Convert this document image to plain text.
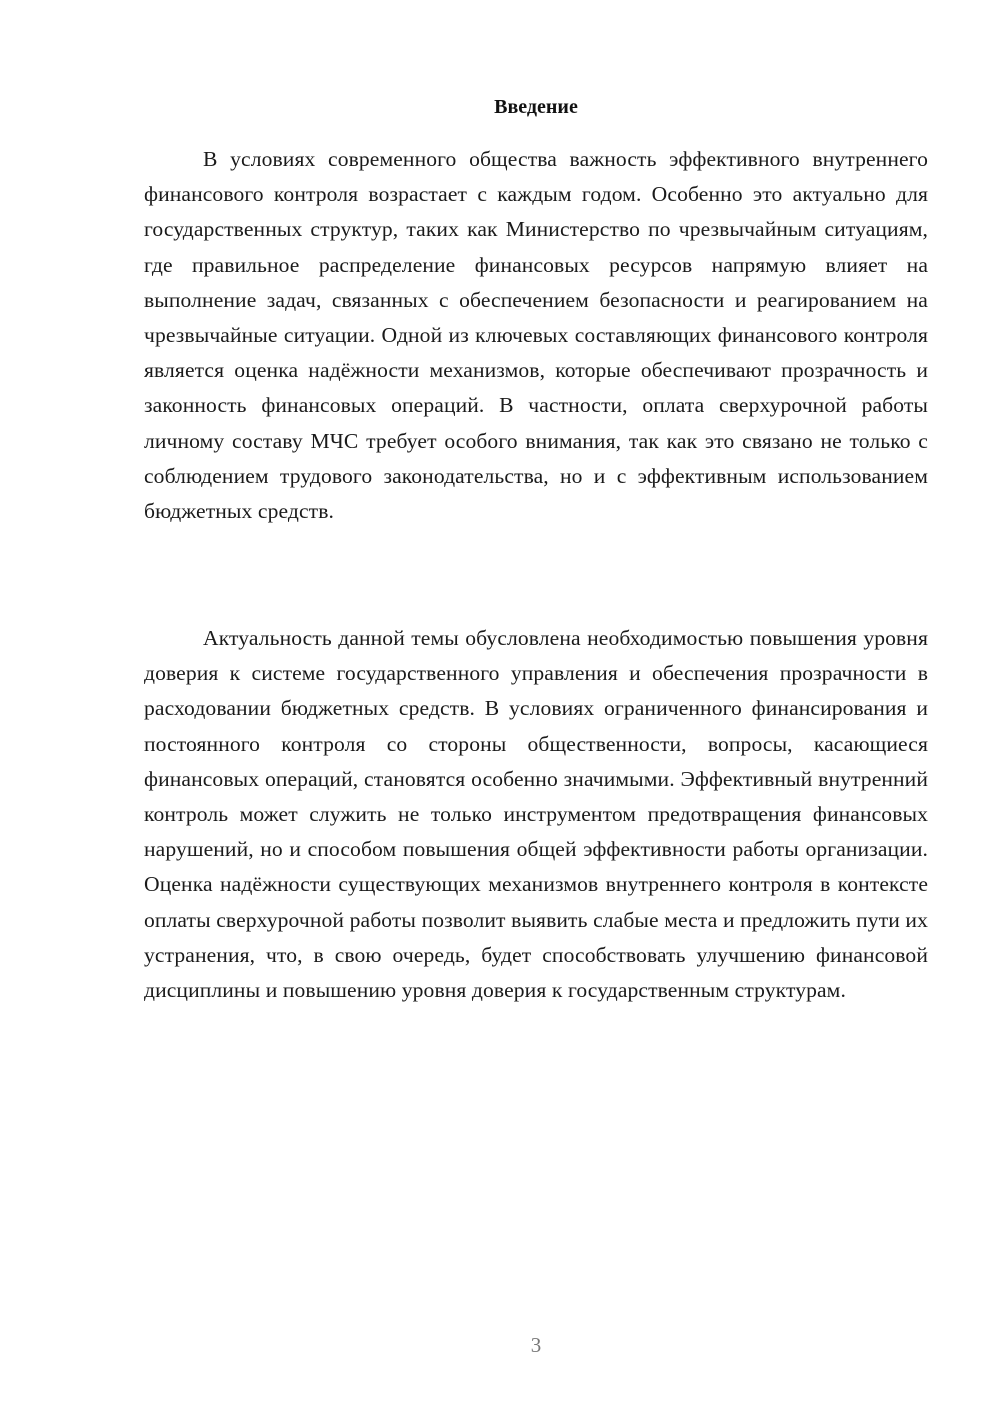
Введение

В условиях современного общества важность эффективного внутреннего финансового контроля возрастает с каждым годом. Особенно это актуально для государственных структур, таких как Министерство по чрезвычайным ситуациям, где правильное распределение финансовых ресурсов напрямую влияет на выполнение задач, связанных с обеспечением безопасности и реагированием на чрезвычайные ситуации. Одной из ключевых составляющих финансового контроля является оценка надёжности механизмов, которые обеспечивают прозрачность и законность финансовых операций. В частности, оплата сверхурочной работы личному составу МЧС требует особого внимания, так как это связано не только с соблюдением трудового законодательства, но и с эффективным использованием бюджетных средств.

Актуальность данной темы обусловлена необходимостью повышения уровня доверия к системе государственного управления и обеспечения прозрачности в расходовании бюджетных средств. В условиях ограниченного финансирования и постоянного контроля со стороны общественности, вопросы, касающиеся финансовых операций, становятся особенно значимыми. Эффективный внутренний контроль может служить не только инструментом предотвращения финансовых нарушений, но и способом повышения общей эффективности работы организации. Оценка надёжности существующих механизмов внутреннего контроля в контексте оплаты сверхурочной работы позволит выявить слабые места и предложить пути их устранения, что, в свою очередь, будет способствовать улучшению финансовой дисциплины и повышению уровня доверия к государственным структурам.

3
